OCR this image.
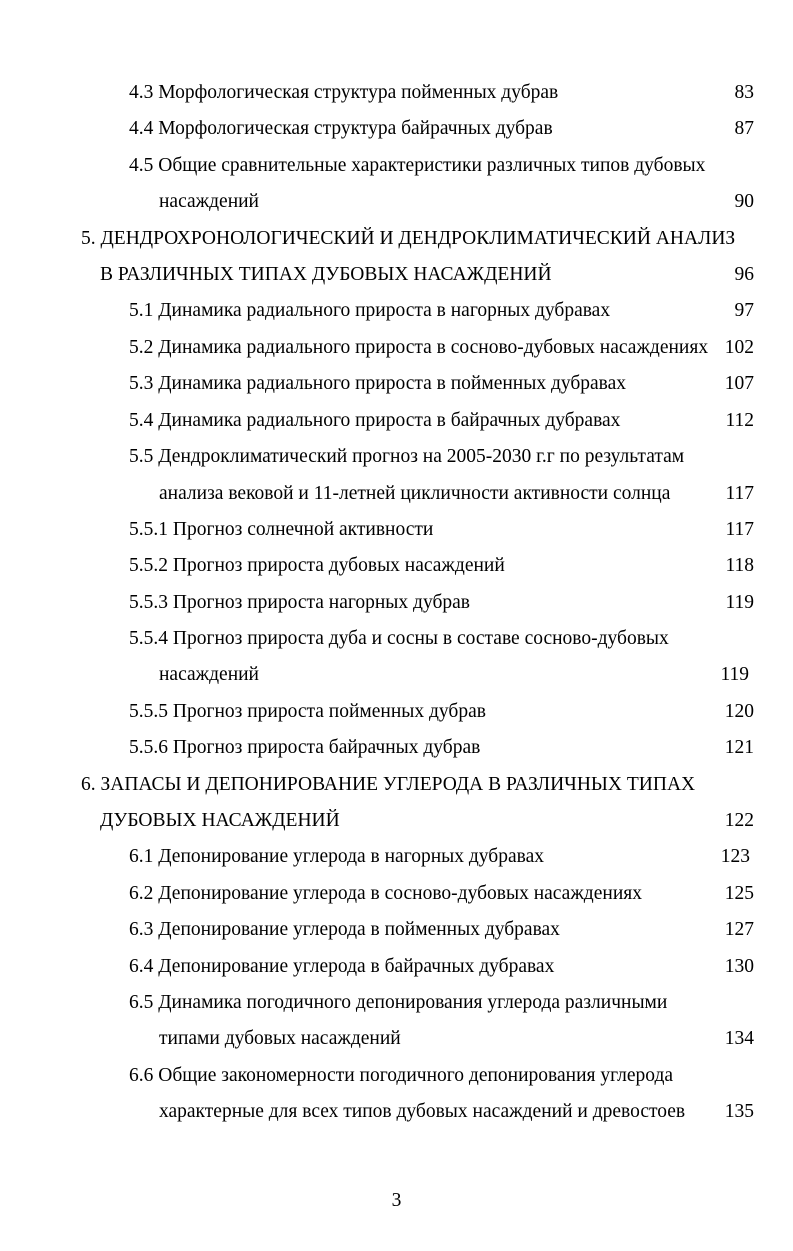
4.3 Морфологическая структура пойменных дубрав	83
4.4 Морфологическая структура байрачных дубрав	87
4.5 Общие сравнительные характеристики различных типов дубовых
насаждений	90
5. ДЕНДРОХРОНОЛОГИЧЕСКИЙ И ДЕНДРОКЛИМАТИЧЕСКИЙ АНАЛИЗ
В РАЗЛИЧНЫХ ТИПАХ ДУБОВЫХ НАСАЖДЕНИЙ	96
5.1 Динамика радиального прироста в нагорных дубравах	97
5.2 Динамика радиального прироста в сосново-дубовых насаждениях 102
5.3 Динамика радиального прироста в пойменных дубравах	107
5.4 Динамика радиального прироста в байрачных дубравах	112
5.5 Дендроклиматический прогноз на 2005-2030 г.г по результатам
анализа вековой и 11-летней цикличности активности солнца	117
5.5.1 Прогноз солнечной активности	117
5.5.2 Прогноз прироста дубовых насаждений	118
5.5.3 Прогноз прироста нагорных дубрав	119
5.5.4 Прогноз прироста дуба и сосны в составе сосново-дубовых
насаждений	119
5.5.5 Прогноз прироста пойменных дубрав	120
5.5.6 Прогноз прироста байрачных дубрав	121
6. ЗАПАСЫ И ДЕПОНИРОВАНИЕ УГЛЕРОДА В РАЗЛИЧНЫХ ТИПАХ
ДУБОВЫХ НАСАЖДЕНИЙ	122
6.1 Депонирование углерода в нагорных дубравах	123
6.2 Депонирование углерода в сосново-дубовых насаждениях	125
6.3 Депонирование углерода в пойменных дубравах	127
6.4 Депонирование углерода в байрачных дубравах	130
6.5 Динамика погодичного депонирования углерода различными
типами дубовых насаждений	134
6.6 Общие закономерности погодичного депонирования углерода
характерные для всех типов дубовых насаждений и древостоев	135
3
